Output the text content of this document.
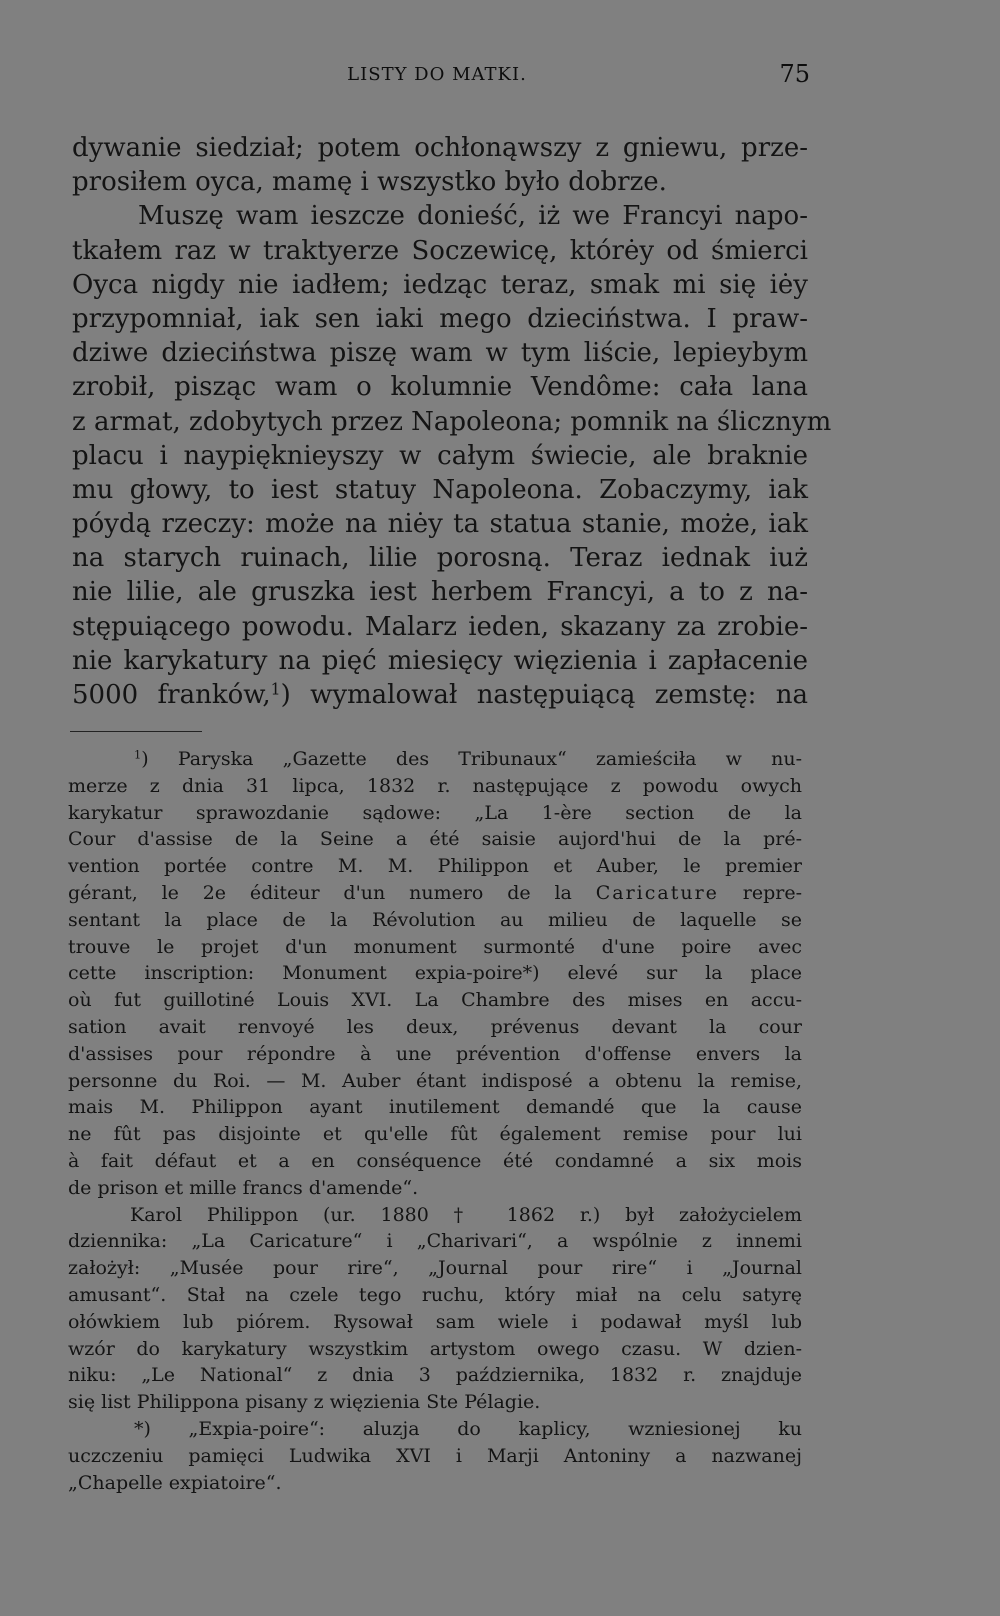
LISTY DO MATKI.	75
dywanie siedział; potem ochłonąwszy z gniewu, prze-
prosiłem oyca, mamę i wszystko było dobrze.
Muszę wam ieszcze donieść, iż we Francyi napo-
tkałem raz w traktyerze Soczewicę, którėy od śmierci
Oyca nigdy nie iadłem; iedząc teraz, smak mi się iėy
przypomniał, iak sen iaki mego dzieciństwa. I praw-
dziwe dzieciństwa piszę wam w tym liście, lepieybym
zrobił, pisząc wam o kolumnie Vendôme: cała lana
z armat, zdobytych przez Napoleona; pomnik na ślicznym
placu i naypięknieyszy w całym świecie, ale braknie
mu głowy, to iest statuy Napoleona. Zobaczymy, iak
póydą rzeczy: może na niėy ta statua stanie, może, iak
na starych ruinach, lilie porosną. Teraz iednak iuż
nie lilie, ale gruszka iest herbem Francyi, a to z na-
stępuiącego powodu. Malarz ieden, skazany za zrobie-
nie karykatury na pięć miesięcy więzienia i zapłacenie
5000 franków,$^1$) wymalował następuiącą zemstę: na
$^1$) Paryska „Gazette des Tribunaux“ zamieściła w nu-
merze z dnia 31 lipca, 1832 r. następujące z powodu owych
karykatur sprawozdanie sądowe: „La 1-ère section de la
Cour d'assise de la Seine a été saisie aujord'hui de la pré-
vention portée contre M. M. Philippon et Auber, le premier
gérant, le 2e éditeur d'un numero de la Caricature repre-
sentant la place de la Révolution au milieu de laquelle se
trouve le projet d'un monument surmonté d'une poire avec
cette inscription: Monument expia-poire*) elevé sur la place
où fut guillotiné Louis XVI. La Chambre des mises en accu-
sation avait renvoyé les deux, prévenus devant la cour
d'assises pour répondre à une prévention d'offense envers la
personne du Roi. — M. Auber étant indisposé a obtenu la remise,
mais M. Philippon ayant inutilement demandé que la cause
ne fût pas disjointe et qu'elle fût également remise pour lui
à fait défaut et a en conséquence été condamné a six mois
de prison et mille francs d'amende“.
Karol Philippon (ur. 1880 † 1862 r.) był założycielem
dziennika: „La Caricature“ i „Charivari“, a wspólnie z innemi
założył: „Musée pour rire“, „Journal pour rire“ i „Journal
amusant“. Stał na czele tego ruchu, który miał na celu satyrę
ołówkiem lub piórem. Rysował sam wiele i podawał myśl lub
wzór do karykatury wszystkim artystom owego czasu. W dzien-
niku: „Le National“ z dnia 3 października, 1832 r. znajduje
się list Philippona pisany z więzienia Ste Pélagie.
*) „Expia-poire“: aluzja do kaplicy, wzniesionej ku
uczczeniu pamięci Ludwika XVI i Marji Antoniny a nazwanej
„Chapelle expiatoire“.
